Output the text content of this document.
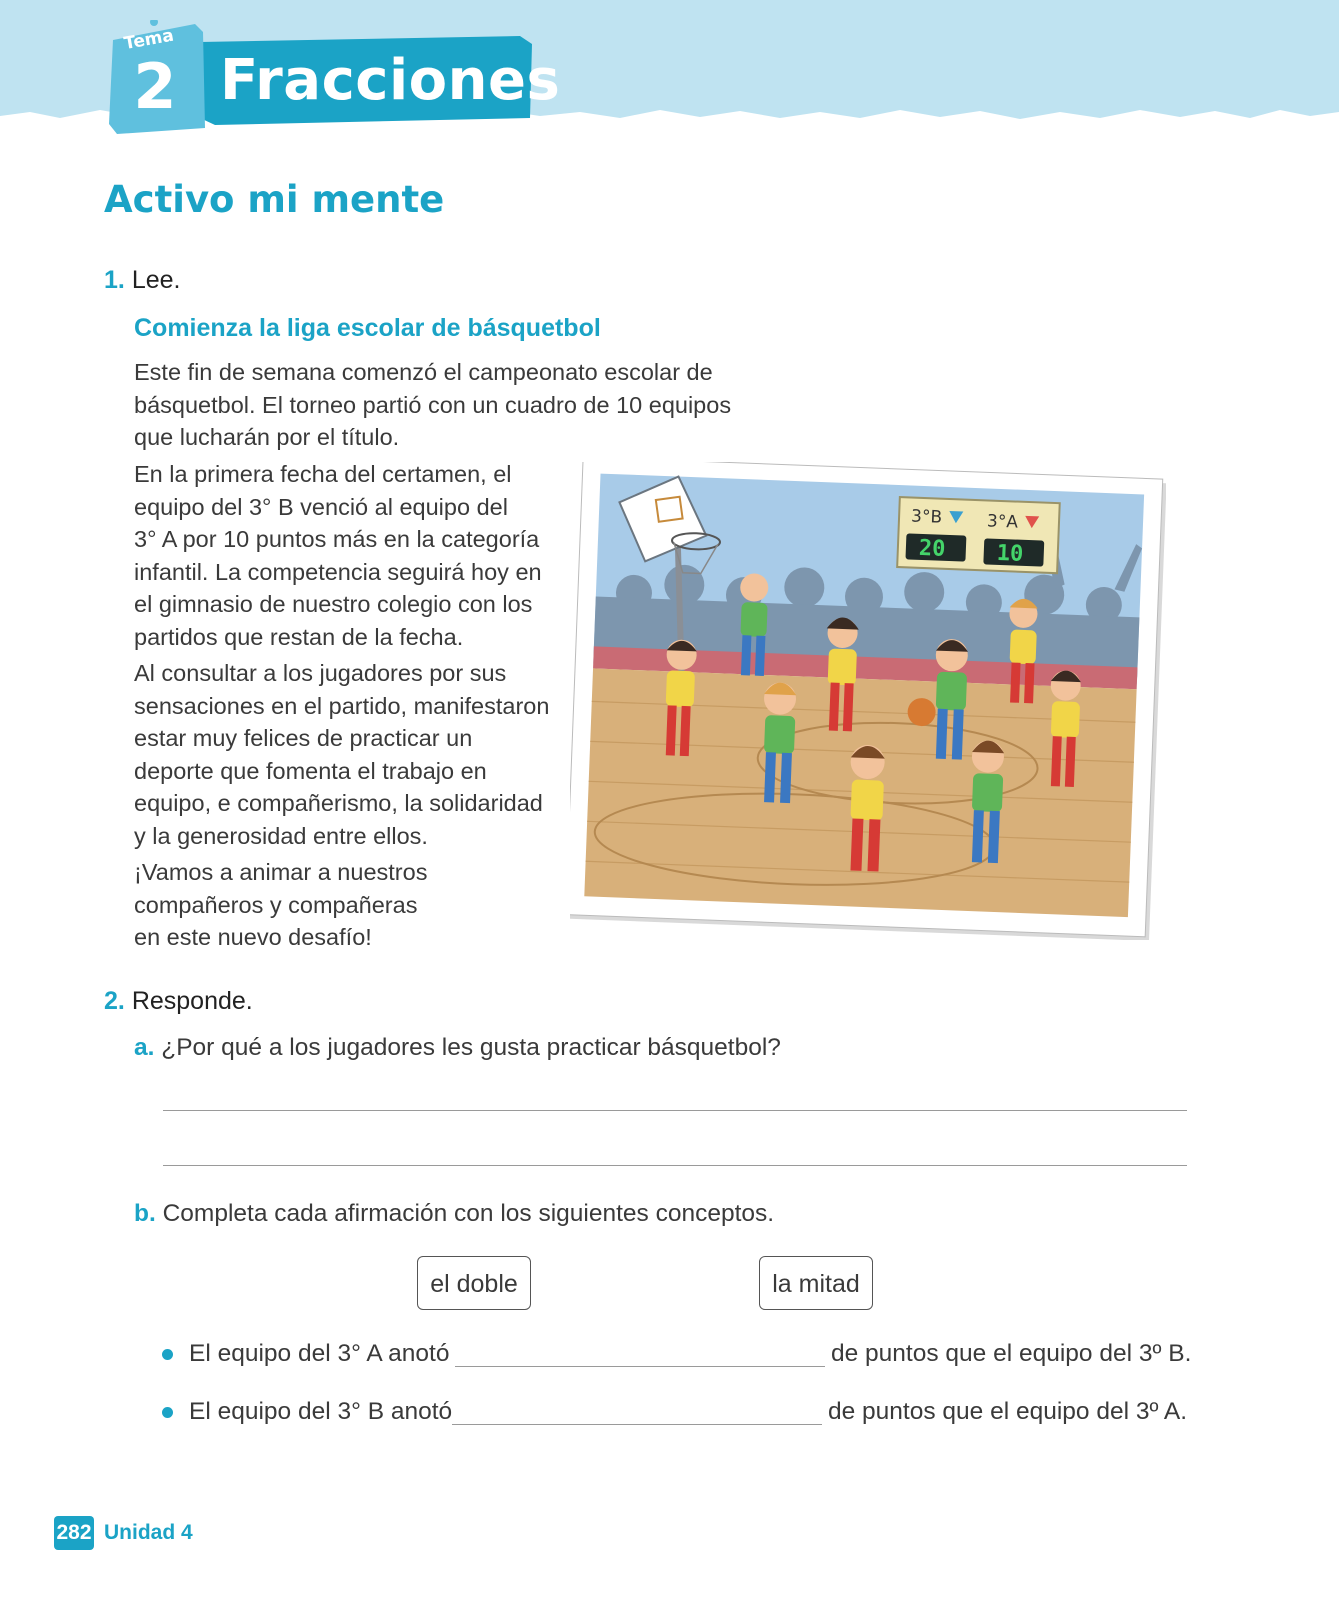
Tema
2 Fracciones
Activo mi mente
1. Lee.
Comienza la liga escolar de básquetbol

Este fin de semana comenzó el campeonato escolar de
básquetbol. El torneo partió con un cuadro de 10 equipos
que lucharán por el título.

En la primera fecha del certamen, el
equipo del 3° B venció al equipo del
3° A por 10 puntos más en la categoría
infantil. La competencia seguirá hoy en
el gimnasio de nuestro colegio con los
partidos que restan de la fecha.

Al consultar a los jugadores por sus
sensaciones en el partido, manifestaron
estar muy felices de practicar un
deporte que fomenta el trabajo en
equipo, e compañerismo, la solidaridad
y la generosidad entre ellos.

¡Vamos a animar a nuestros
compañeros y compañeras
en este nuevo desafío!

3°B	3°A
20 10
2. Responde.
a. ¿Por qué a los jugadores les gusta practicar básquetbol?
b. Completa cada afirmación con los siguientes conceptos.
el doble	la mitad
El equipo del 3° A anotó	de puntos que el equipo del 3º B.
El equipo del 3° B anotó	de puntos que el equipo del 3º A.
282 Unidad 4
